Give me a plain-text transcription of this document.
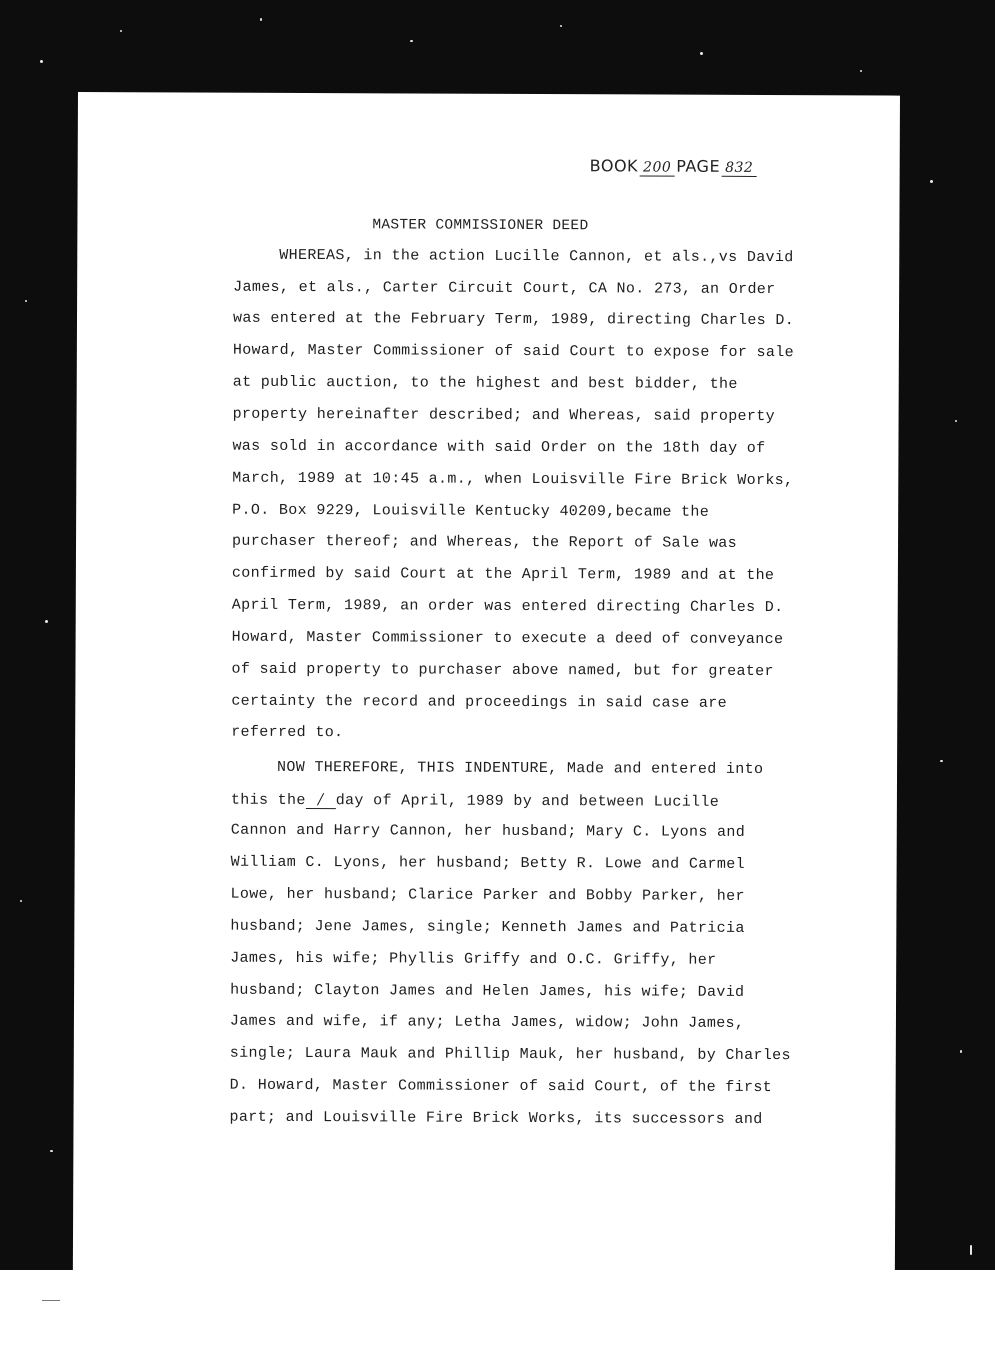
BOOK 200 PAGE 832
MASTER COMMISSIONER DEED
WHEREAS, in the action Lucille Cannon, et als.,vs David
James, et als., Carter Circuit Court, CA No. 273, an Order
was entered at the February Term, 1989, directing Charles D.
Howard, Master Commissioner of said Court to expose for sale
at public auction, to the highest and best bidder, the
property hereinafter described; and Whereas, said property
was sold in accordance with said Order on the 18th day of
March, 1989 at 10:45 a.m., when Louisville Fire Brick Works,
P.O. Box 9229, Louisville Kentucky 40209,became the
purchaser thereof; and Whereas, the Report of Sale was
confirmed by said Court at the April Term, 1989 and at the
April Term, 1989, an order was entered directing Charles D.
Howard, Master Commissioner to execute a deed of conveyance
of said property to purchaser above named, but for greater
certainty the record and proceedings in said case are
referred to.
NOW THEREFORE, THIS INDENTURE, Made and entered into
this the / day of April, 1989 by and between Lucille
Cannon and Harry Cannon, her husband; Mary C. Lyons and
William C. Lyons, her husband; Betty R. Lowe and Carmel
Lowe, her husband; Clarice Parker and Bobby Parker, her
husband; Jene James, single; Kenneth James and Patricia
James, his wife; Phyllis Griffy and O.C. Griffy, her
husband; Clayton James and Helen James, his wife; David
James and wife, if any; Letha James, widow; John James,
single; Laura Mauk and Phillip Mauk, her husband, by Charles
D. Howard, Master Commissioner of said Court, of the first
part; and Louisville Fire Brick Works, its successors and
